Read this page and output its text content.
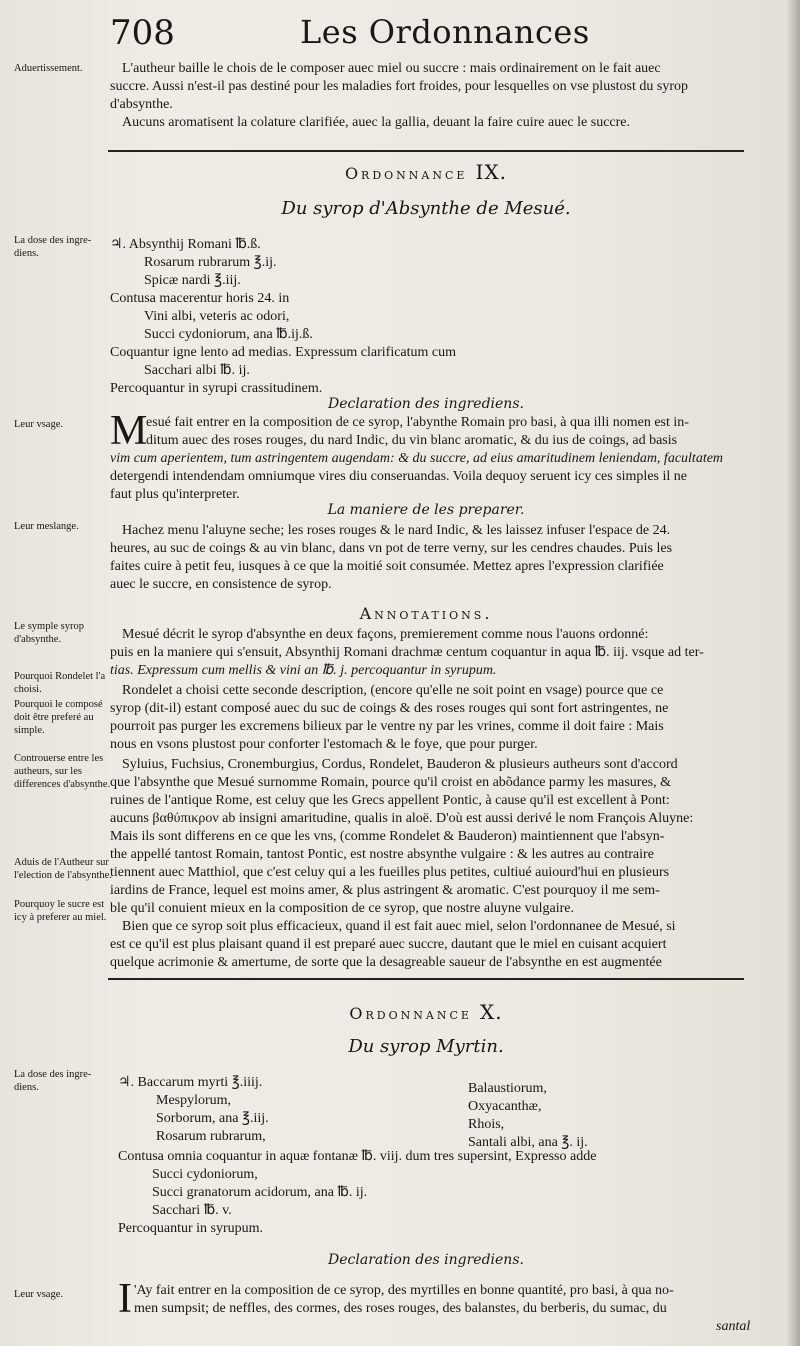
708	Les Ordonnances
Aduertissement.
La dose des ingre-diens.
Leur vsage.
Leur meslange.
Le symple syrop d'absynthe.
Pourquoi Rondelet l'a choisi.
Pourquoi le composé doit être preferé au simple.
Controuerse entre les autheurs, sur les differences d'absynthe.
Aduis de l'Autheur sur l'election de l'absynthe.
Pourquoy le sucre est icy à preferer au miel.
La dose des ingre-diens.
Leur vsage.
L'autheur baille le chois de le composer auec miel ou succre : mais ordinairement on le fait auec
succre. Aussi n'est-il pas destiné pour les maladies fort froides, pour lesquelles on vse plustost du syrop
d'absynthe.
Aucuns aromatisent la colature clarifiée, auec la gallia, deuant la faire cuire auec le succre.
Ordonnance IX.
Du syrop d'Absynthe de Mesué.
♃. Absynthij Romani ℔.ß.
Rosarum rubrarum ℥.ij.
Spicæ nardi ℥.iij.
Contusa macerentur horis 24. in
Vini albi, veteris ac odori,
Succi cydoniorum, ana ℔.ij.ß.
Coquantur igne lento ad medias. Expressum clarificatum cum
Sacchari albi ℔. ij.
Percoquantur in syrupi crassitudinem.
Declaration des ingrediens.
M
esué fait entrer en la composition de ce syrop, l'abynthe Romain pro basi, à qua illi nomen est in-
ditum auec des roses rouges, du nard Indic, du vin blanc aromatic, & du ius de coings, ad basis
vim cum aperientem, tum astringentem augendam: & du succre, ad eius amaritudinem leniendam, facultatem
detergendi intendendam omniumque vires diu conseruandas. Voila dequoy seruent icy ces simples il ne
faut plus qu'interpreter.
La maniere de les preparer.
Hachez menu l'aluyne seche; les roses rouges & le nard Indic, & les laissez infuser l'espace de 24.
heures, au suc de coings & au vin blanc, dans vn pot de terre verny, sur les cendres chaudes. Puis les
faites cuire à petit feu, iusques à ce que la moitié soit consumée. Mettez apres l'expression clarifiée
auec le succre, en consistence de syrop.
Annotations.
Mesué décrit le syrop d'absynthe en deux façons, premierement comme nous l'auons ordonné:
puis en la maniere qui s'ensuit, Absynthij Romani drachmæ centum coquantur in aqua ℔. iij. vsque ad ter-
tias. Expressum cum mellis & vini an ℔. j. percoquantur in syrupum.
Rondelet a choisi cette seconde description, (encore qu'elle ne soit point en vsage) pource que ce
syrop (dit-il) estant composé auec du suc de coings & des roses rouges qui sont fort astringentes, ne
pourroit pas purger les excremens bilieux par le ventre ny par les vrines, comme il doit faire : Mais
nous en vsons plustost pour conforter l'estomach & le foye, que pour purger.
Syluius, Fuchsius, Cronemburgius, Cordus, Rondelet, Bauderon & plusieurs autheurs sont d'accord
que l'absynthe que Mesué surnomme Romain, pource qu'il croist en abõdance parmy les masures, &
ruines de l'antique Rome, est celuy que les Grecs appellent Pontic, à cause qu'il est excellent à Pont:
aucuns βαθύπικρον ab insigni amaritudine, qualis in aloë. D'où est aussi derivé le nom François Aluyne:
Mais ils sont differens en ce que les vns, (comme Rondelet & Bauderon) maintiennent que l'absyn-
the appellé tantost Romain, tantost Pontic, est nostre absynthe vulgaire : & les autres au contraire
tiennent auec Matthiol, que c'est celuy qui a les fueilles plus petites, cultiué auiourd'hui en plusieurs
iardins de France, lequel est moins amer, & plus astringent & aromatic. C'est pourquoy il me sem-
ble qu'il conuient mieux en la composition de ce syrop, que nostre aluyne vulgaire.
Bien que ce syrop soit plus efficacieux, quand il est fait auec miel, selon l'ordonnanee de Mesué, si
est ce qu'il est plus plaisant quand il est preparé auec succre, dautant que le miel en cuisant acquiert
quelque acrimonie & amertume, de sorte que la desagreable saueur de l'absynthe en est augmentée
Ordonnance X.
Du syrop Myrtin.
♃. Baccarum myrti ℥.iiij.
Mespylorum,
Sorborum, ana ℥.iij.
Rosarum rubrarum,
Balaustiorum,
Oxyacanthæ,
Rhois,
Santali albi, ana ℥. ij.
Contusa omnia coquantur in aquæ fontanæ ℔. viij. dum tres supersint, Expresso adde
Succi cydoniorum,
Succi granatorum acidorum, ana ℔. ij.
Sacchari ℔. v.
Percoquantur in syrupum.
Declaration des ingrediens.
I 'Ay fait entrer en la composition de ce syrop, des myrtilles en bonne quantité, pro basi, à qua no-
men sumpsit; de neffles, des cormes, des roses rouges, des balanstes, du berberis, du sumac, du
santal
